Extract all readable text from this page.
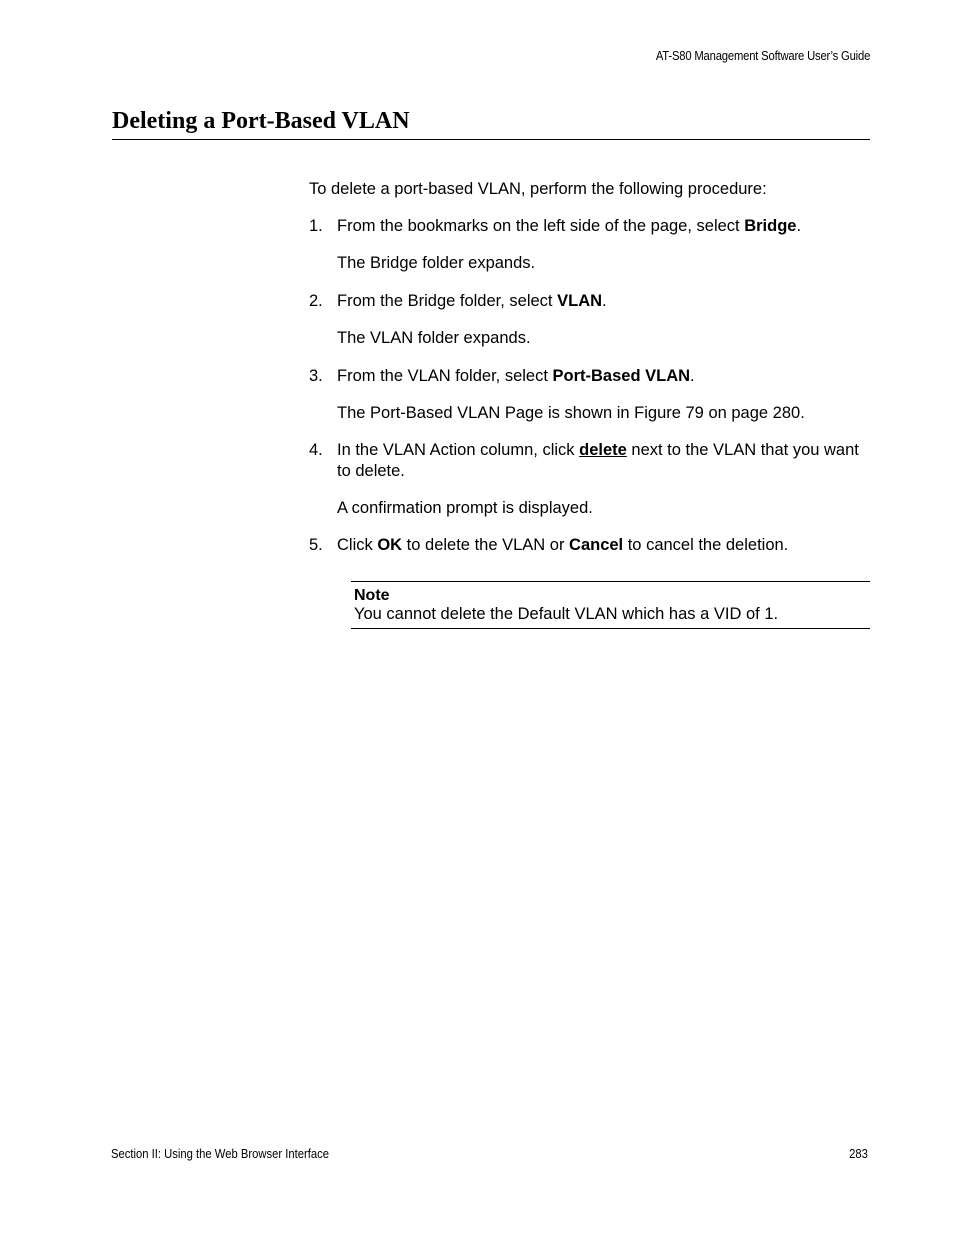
AT-S80 Management Software User’s Guide
Deleting a Port-Based VLAN
To delete a port-based VLAN, perform the following procedure:
1. From the bookmarks on the left side of the page, select Bridge.
The Bridge folder expands.
2. From the Bridge folder, select VLAN.
The VLAN folder expands.
3. From the VLAN folder, select Port-Based VLAN.
The Port-Based VLAN Page is shown in Figure 79 on page 280.
4. In the VLAN Action column, click delete next to the VLAN that you want to delete.
A confirmation prompt is displayed.
5. Click OK to delete the VLAN or Cancel to cancel the deletion.
Note
You cannot delete the Default VLAN which has a VID of 1.
Section II: Using the Web Browser Interface	283
